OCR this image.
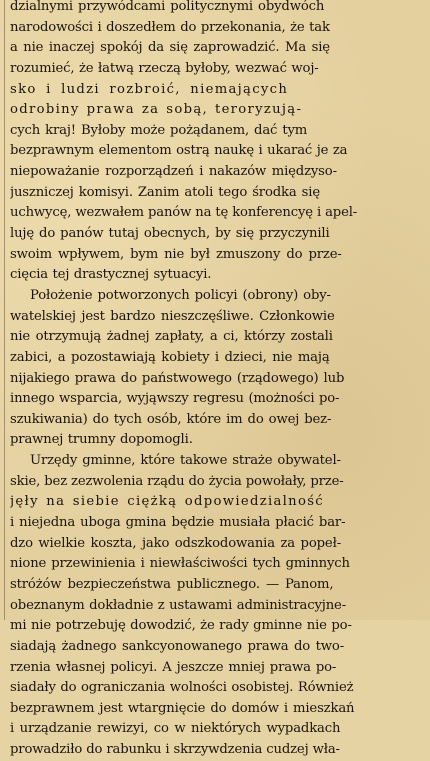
dzialnymi przywódcami politycznymi obydwóch
narodowości i doszedłem do przekonania, że tak
a nie inaczej spokój da się zaprowadzić. Ma się
rozumieć, że łatwą rzeczą byłoby, wezwać woj-
sko i ludzi rozbroić, niemających
odrobiny prawa za sobą, teroryzują-
cych kraj! Byłoby może pożądanem, dać tym
bezprawnym elementom ostrą naukę i ukarać je za
niepoważanie rozporządzeń i nakazów międzyso-
juszniczej komisyi. Zanim atoli tego środka się
uchwycę, wezwałem panów na tę konferencyę i apel-
luję do panów tutaj obecnych, by się przyczynili
swoim wpływem, bym nie był zmuszony do prze-
cięcia tej drastycznej sytuacyi.
Położenie potworzonych policyi (obrony) oby-
watelskiej jest bardzo nieszczęśliwe. Członkowie
nie otrzymują żadnej zapłaty, a ci, którzy zostali
zabici, a pozostawiają kobiety i dzieci, nie mają
nijakiego prawa do państwowego (rządowego) lub
innego wsparcia, wyjąwszy regresu (możności po-
szukiwania) do tych osób, które im do owej bez-
prawnej trumny dopomogli.
Urzędy gminne, które takowe straże obywatel-
skie, bez zezwolenia rządu do życia powołały, prze-
jęły na siebie ciężką odpowiedzialność
i niejedna uboga gmina będzie musiała płacić bar-
dzo wielkie koszta, jako odszkodowania za popeł-
nione przewinienia i niewłaściwości tych gminnych
stróżów bezpieczeństwa publicznego. — Panom,
obeznanym dokładnie z ustawami administracyjne-
mi nie potrzebuję dowodzić, że rady gminne nie po-
siadają żadnego sankcyonowanego prawa do two-
rzenia własnej policyi. A jeszcze mniej prawa po-
siadały do ograniczania wolności osobistej. Również
bezprawnem jest wtargnięcie do domów i mieszkań
i urządzanie rewizyi, co w niektórych wypadkach
prowadziło do rabunku i skrzywdzenia cudzej wła-
